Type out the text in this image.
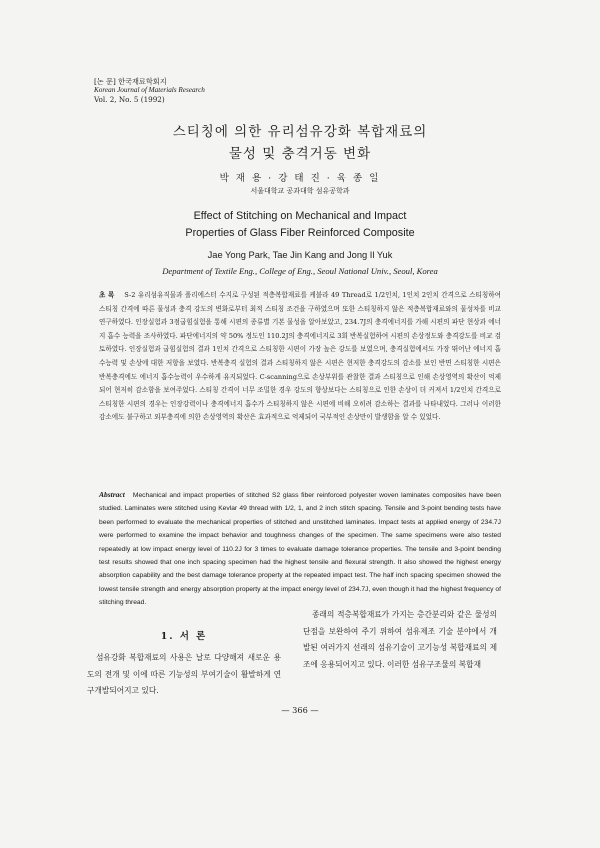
[논 문] 한국재료학회지
Korean Journal of Materials Research
Vol. 2, No. 5 (1992)
스티칭에 의한 유리섬유강화 복합재료의
물성 및 충격거동 변화
박 재 용 · 강 태 진 · 육 종 일
서울대학교 공과대학 섬유공학과
Effect of Stitching on Mechanical and Impact
Properties of Glass Fiber Reinforced Composite
Jae Yong Park, Tae Jin Kang and Jong Il Yuk
Department of Textile Eng., College of Eng., Seoul National Univ., Seoul, Korea
초 록 S-2 유리섬유직물과 폴리에스터 수지로 구성된 적층복합재료를 케블라 49 Thread로 1/2인치, 1인치 2인치 간격으로 스티칭하여 스티칭 간격에 따른 물성과 충격 강도의 변화로부터 최적 스티칭 조건을 구하였으며 또한 스티칭하지 않은 적층복합재료와의 물성차를 비교연구하였다. 인장실험과 3점굽힘실험을 통해 시편의 종류별 기본 물성을 알아보았고, 234.7J의 충격에너지를 가해 시편의 파단 현상과 에너지 흡수 능력을 조사하였다. 파단에너지의 약 50% 정도인 110.2J의 충격에너지로 3회 반복실험하여 시편의 손상정도와 충격강도를 비교 검토하였다. 인장실험과 굽힘실험의 결과 1인치 간격으로 스티칭한 시편이 가장 높은 강도를 보였으며, 충격실험에서도 가장 뛰어난 에너지 흡수능력 및 손상에 대한 저항을 보였다. 반복충격 실험의 결과 스티칭하지 않은 시편은 현저한 충격강도의 감소를 보인 반면 스티칭한 시편은 반복충격에도 에너지 흡수능력이 우수하게 유지되었다. C-scanning으로 손상부위를 관찰한 결과 스티칭으로 인해 손상영역의 확산이 억제되어 현저히 감소함을 보여주었다. 스티칭 간격이 너무 조밀한 경우 강도의 향상보다는 스티칭으로 인한 손상이 더 커져서 1/2인치 간격으로 스티칭한 시편의 경우는 인장강력이나 충격에너지 흡수가 스티칭하지 않은 시편에 비해 오히려 감소하는 결과를 나타내었다. 그러나 이러한 감소에도 불구하고 외부충격에 의한 손상영역의 확산은 효과적으로 억제되어 국부적인 손상만이 발생함을 알 수 있었다.
Abstract Mechanical and impact properties of stitched S2 glass fiber reinforced polyester woven laminates composites have been studied. Laminates were stitched using Kevlar 49 thread with 1/2, 1, and 2 inch stitch spacing. Tensile and 3-point bending tests have been performed to evaluate the mechanical properties of stitched and unstitched laminates. Impact tests at applied energy of 234.7J were performed to examine the impact behavior and toughness changes of the specimen. The same specimens were also tested repeatedly at low impact energy level of 110.2J for 3 times to evaluate damage tolerance properties. The tensile and 3-point bending test results showed that one inch spacing specimen had the highest tensile and flexural strength. It also showed the highest energy absorption capability and the best damage tolerance property at the repeated impact test. The half inch spacing specimen showed the lowest tensile strength and energy absorption property at the impact energy level of 234.7J, even though it had the highest frequency of stitching thread.
1. 서 론
섬유강화 복합재료의 사용은 날로 다양해져 새로운 용도의 전개 및 이에 따른 기능성의 부여기술이 활발하게 연구개발되어지고 있다.
종래의 적층복합재료가 가지는 층간분리와 같은 물성의 단점을 보완하여 주기 위하여 섬유제조 기술 분야에서 개발된 여러가지 선래의 섬유기술이 고기능성 복합재료의 제조에 응용되어지고 있다. 이러한 섬유구조물의 복합재
— 366 —
